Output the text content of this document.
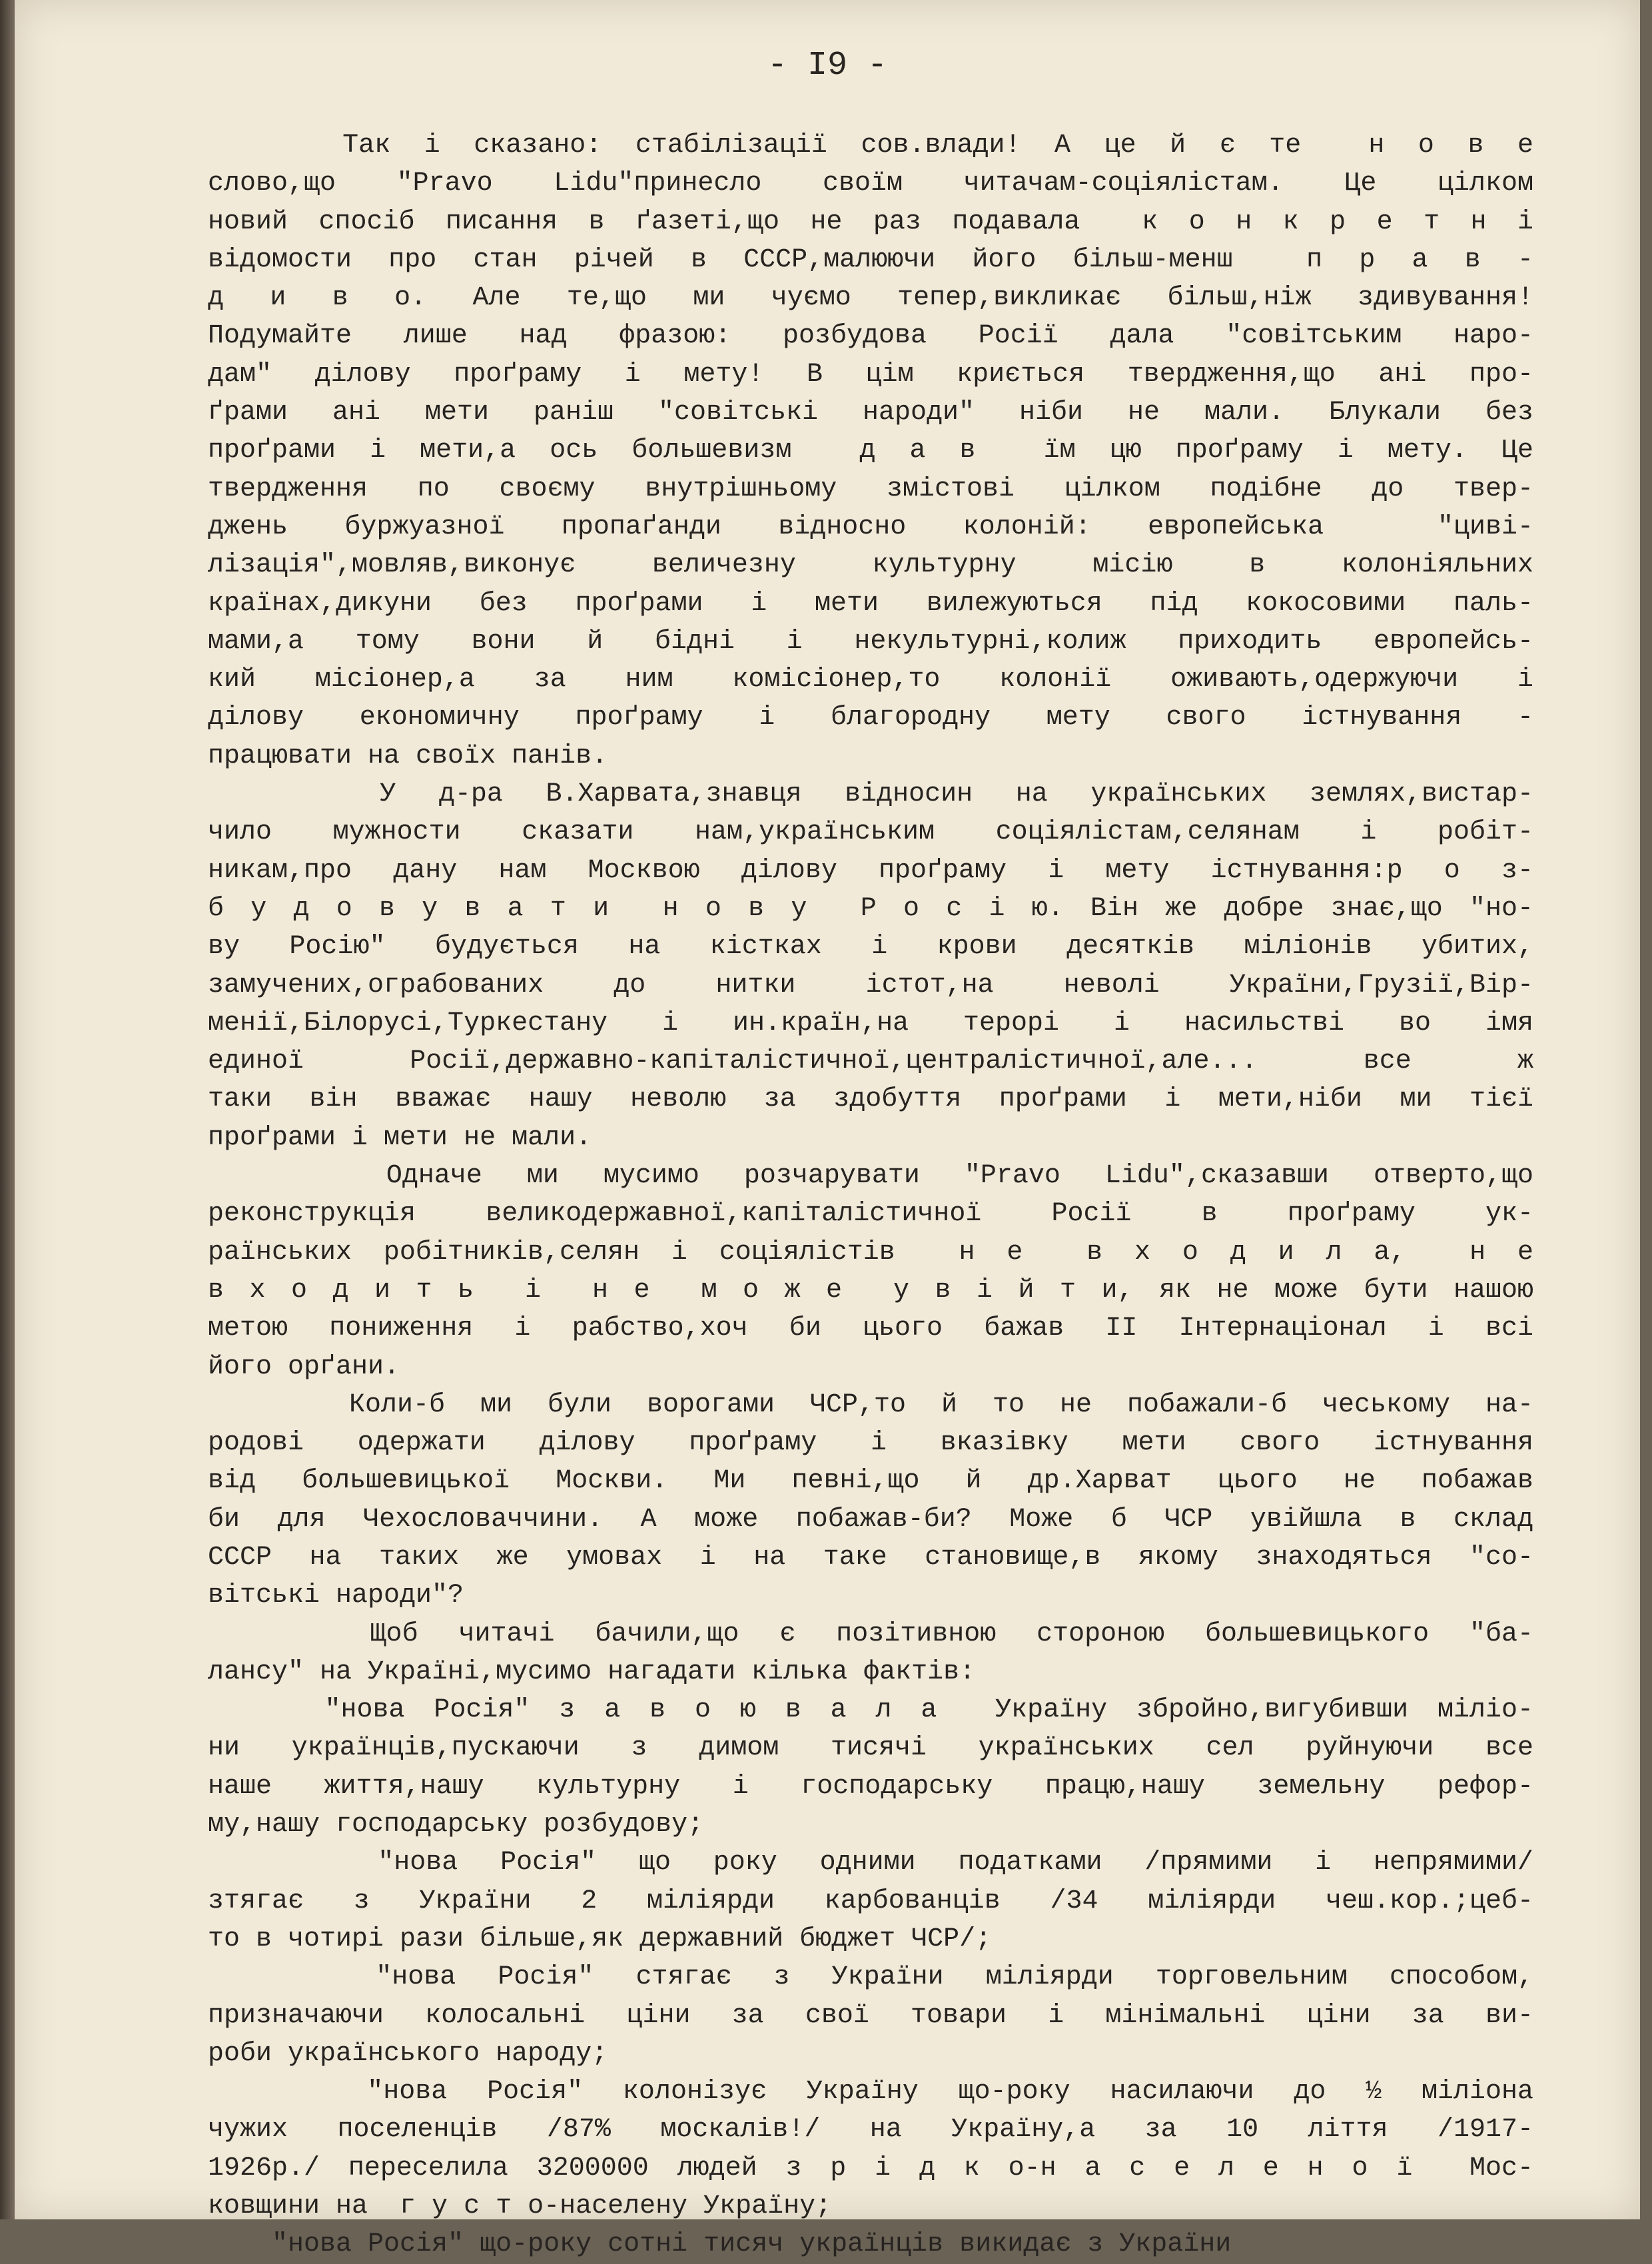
- I9 -
Так і сказано: стабілізації сов.влади! А це й є те  н о в е
слово,що "Pravo Lidu"принесло своїм читачам-соціялістам. Це цілком
новий спосіб писання в ґазеті,що не раз подавала  к о н к р е т н і
відомости про стан річей в СССР,малюючи його більш-менш  п р а в -
д и в о. Але те,що ми чуємо тепер,викликає більш,ніж здивування!
Подумайте лише над фразою: розбудова Росії дала "совітським наро-
дам" ділову проґраму і мету! В цім криється твердження,що ані про-
ґрами ані мети раніш "совітські народи" ніби не мали. Блукали без
проґрами і мети,а ось большевизм  д а в  їм цю проґраму і мету. Це
твердження по своєму внутрішньому змістові цілком подібне до твер-
джень буржуазної пропаґанди відносно колоній: европейська  "циві-
лізація",мовляв,виконує величезну культурну місію в колоніяльних
країнах,дикуни без проґрами і мети вилежуються під кокосовими паль-
мами,а тому вони й бідні і некультурні,колиж приходить европейсь-
кий місіонер,а за ним комісіонер,то колонії оживають,одержуючи і
ділову економичну проґраму і благородну мету свого істнування -
працювати на своїх панів.
У д-ра В.Харвата,знавця відносин на українських землях,вистар-
чило мужности сказати нам,українським соціялістам,селянам і робіт-
никам,про дану нам Москвою ділову проґраму і мету істнування:р о з-
б у д о в у в а т и  н о в у  Р о с і ю. Він же добре знає,що "но-
ву Росію" будується на кістках і крови десятків міліонів убитих,
замучених,ограбованих до нитки істот,на неволі України,Грузії,Вір-
менії,Білорусі,Туркестану і ин.країн,на терорі і насильстві во імя
единої Росії,державно-капіталістичної,централістичної,але... все ж
таки він вважає нашу неволю за здобуття проґрами і мети,ніби ми тієї
проґрами і мети не мали.
Одначе ми мусимо розчарувати "Pravo Lidu",сказавши отверто,що
реконструкція великодержавної,капіталістичної Росії в проґраму ук-
раїнських робітників,селян і соціялістів  н е  в х о д и л а,  н е
в х о д и т ь  і  н е  м о ж е  у в і й т и, як не може бути нашою
метою пониження і рабство,хоч би цього бажав II Інтернаціонал і всі
його орґани.
Коли-б ми були ворогами ЧСР,то й то не побажали-б чеському на-
родові одержати ділову проґраму і вказівку мети свого істнування
від большевицької Москви. Ми певні,що й др.Харват цього не побажав
би для Чехословаччини. А може побажав-би? Може б ЧСР увійшла в склад
СССР на таких же умовах і на таке становище,в якому знаходяться "со-
вітські народи"?
Щоб читачі бачили,що є позітивною стороною большевицького "ба-
лансу" на Україні,мусимо нагадати кілька фактів:
"нова Росія" з а в о ю в а л а  Україну збройно,вигубивши міліо-
ни українців,пускаючи з димом тисячі українських сел руйнуючи все
наше життя,нашу культурну і господарську працю,нашу земельну рефор-
му,нашу господарську розбудову;
"нова Росія" що року одними податками /прямими і непрямими/
зтягає з України 2 міліярди карбованців /34 міліярди чеш.кор.;цеб-
то в чотирі рази більше,як державний бюджет ЧСР/;
"нова Росія" стягає з України міліярди торговельним способом,
призначаючи колосальні ціни за свої товари і мінімальні ціни за ви-
роби українського народу;
"нова Росія" колонізує Україну що-року насилаючи до ½ міліона
чужих поселенців /87% москалів!/ на Україну,а за 10 ліття /1917-
1926р./ переселила 3200000 людей з р і д к о-н а с е л е н о ї  Мос-
ковщини на  г у с т о-населену Україну;
"нова Росія" що-року сотні тисяч українців викидає з України
